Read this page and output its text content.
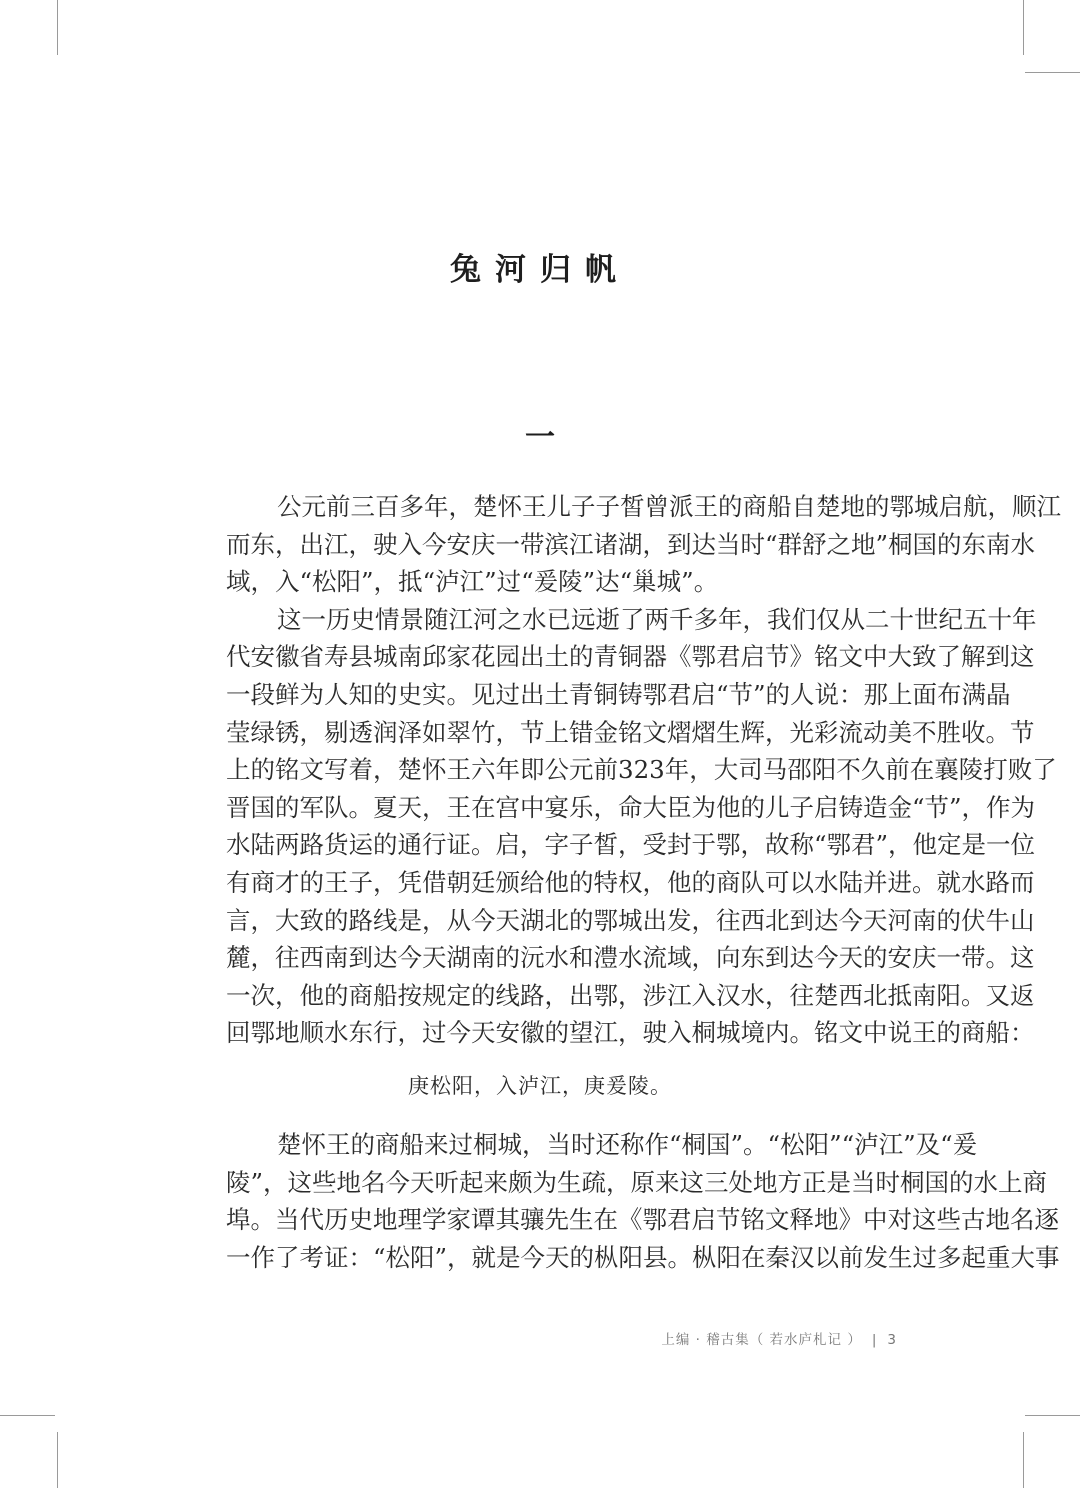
兔河归帆
一
公元前三百多年，楚怀王儿子子皙曾派王的商船自楚地的鄂城启航，顺江
而东，出江，驶入今安庆一带滨江诸湖，到达当时“群舒之地”桐国的东南水
域，入“松阳”，抵“泸江”过“爰陵”达“巢城”。
这一历史情景随江河之水已远逝了两千多年，我们仅从二十世纪五十年
代安徽省寿县城南邱家花园出土的青铜器《鄂君启节》铭文中大致了解到这
一段鲜为人知的史实。见过出土青铜铸鄂君启“节”的人说：那上面布满晶
莹绿锈，剔透润泽如翠竹，节上错金铭文熠熠生辉，光彩流动美不胜收。节
上的铭文写着，楚怀王六年即公元前323年，大司马邵阳不久前在襄陵打败了
晋国的军队。夏天，王在宫中宴乐，命大臣为他的儿子启铸造金“节”，作为
水陆两路货运的通行证。启，字子皙，受封于鄂，故称“鄂君”，他定是一位
有商才的王子，凭借朝廷颁给他的特权，他的商队可以水陆并进。就水路而
言，大致的路线是，从今天湖北的鄂城出发，往西北到达今天河南的伏牛山
麓，往西南到达今天湖南的沅水和澧水流域，向东到达今天的安庆一带。这
一次，他的商船按规定的线路，出鄂，涉江入汉水，往楚西北抵南阳。又返
回鄂地顺水东行，过今天安徽的望江，驶入桐城境内。铭文中说王的商船：
庚松阳，入泸江，庚爰陵。
楚怀王的商船来过桐城，当时还称作“桐国”。“松阳”“泸江”及“爰
陵”，这些地名今天听起来颇为生疏，原来这三处地方正是当时桐国的水上商
埠。当代历史地理学家谭其骧先生在《鄂君启节铭文释地》中对这些古地名逐
一作了考证：“松阳”，就是今天的枞阳县。枞阳在秦汉以前发生过多起重大事
上编 · 稽古集（ 若水庐札记 ） | 3
